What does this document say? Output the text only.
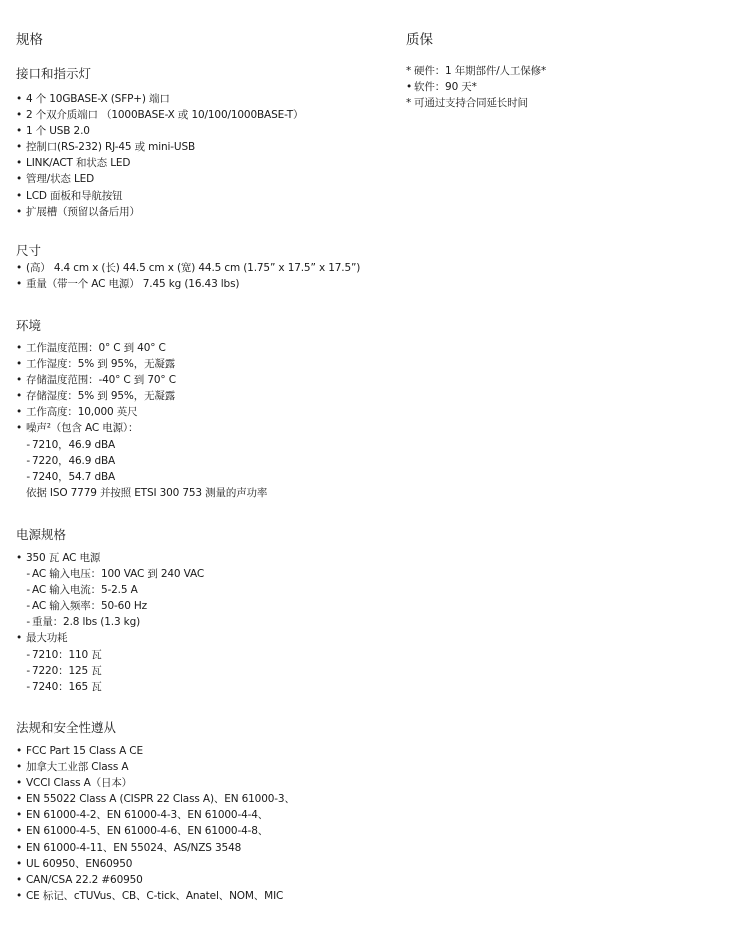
规格
接口和指示灯
• 4 个 10GBASE-X (SFP+) 端口
• 2 个双介质端口 （1000BASE-X 或 10/100/1000BASE-T）
• 1 个 USB 2.0
• 控制口(RS-232) RJ-45 或 mini-USB
• LINK/ACT 和状态 LED
• 管理/状态 LED
• LCD 面板和导航按钮
• 扩展槽（预留以备后用）
尺寸
• (高） 4.4 cm x (长) 44.5 cm x (宽) 44.5 cm (1.75” x 17.5” x 17.5”)
• 重量（带一个 AC 电源） 7.45 kg (16.43 lbs)
环境
• 工作温度范围：0° C 到 40° C
• 工作湿度：5% 到 95%，无凝露
• 存储温度范围：-40° C 到 70° C
• 存储湿度：5% 到 95%，无凝露
• 工作高度：10,000 英尺
• 噪声²（包含 AC 电源）：
- 7210，46.9 dBA
- 7220，46.9 dBA
- 7240，54.7 dBA
依据 ISO 7779 并按照 ETSI 300 753 测量的声功率
电源规格
• 350 瓦 AC 电源
- AC 输入电压：100 VAC 到 240 VAC
- AC 输入电流：5-2.5 A
- AC 输入频率：50-60 Hz
- 重量：2.8 lbs (1.3 kg)
• 最大功耗
- 7210：110 瓦
- 7220：125 瓦
- 7240：165 瓦
法规和安全性遵从
• FCC Part 15 Class A CE
• 加拿大工业部 Class A
• VCCI Class A（日本）
• EN 55022 Class A (CISPR 22 Class A)、EN 61000-3、
• EN 61000-4-2、EN 61000-4-3、EN 61000-4-4、
• EN 61000-4-5、EN 61000-4-6、EN 61000-4-8、
• EN 61000-4-11、EN 55024、AS/NZS 3548
• UL 60950、EN60950
• CAN/CSA 22.2 #60950
• CE 标记、cTUVus、CB、C-tick、Anatel、NOM、MIC
质保
* 硬件：1 年期部件/人工保修*
• 软件：90 天*
* 可通过支持合同延长时间
